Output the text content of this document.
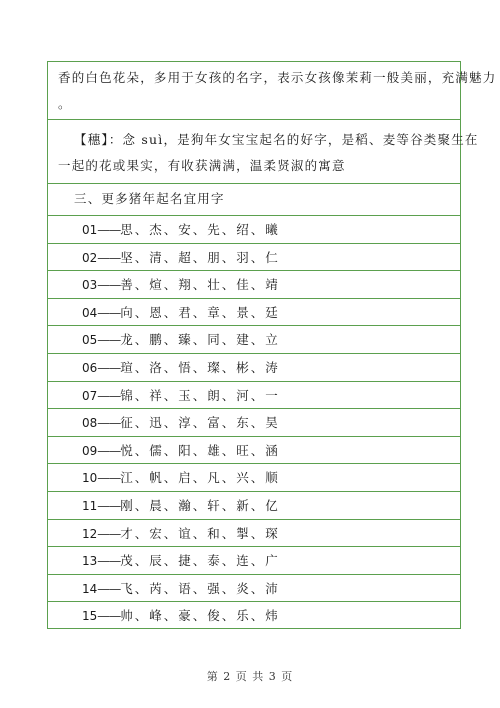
香的白色花朵，多用于女孩的名字，表示女孩像茉莉一般美丽，充满魅力
。
【穗】：念 suì，是狗年女宝宝起名的好字，是稻、麦等谷类聚生在
一起的花或果实，有收获满满，温柔贤淑的寓意
三、更多猪年起名宜用字
01——思、杰、安、先、绍、曦
02——坚、清、超、朋、羽、仁
03——善、煊、翔、壮、佳、靖
04——向、恩、君、章、景、廷
05——龙、鹏、臻、同、建、立
06——瑄、洛、悟、璨、彬、涛
07——锦、祥、玉、朗、河、一
08——征、迅、淳、富、东、昊
09——悦、儒、阳、雄、旺、涵
10——江、帆、启、凡、兴、顺
11——刚、晨、瀚、轩、新、亿
12——才、宏、谊、和、掣、琛
13——茂、辰、捷、泰、连、广
14——飞、芮、语、强、炎、沛
15——帅、峰、豪、俊、乐、炜
第 2 页 共 3 页
